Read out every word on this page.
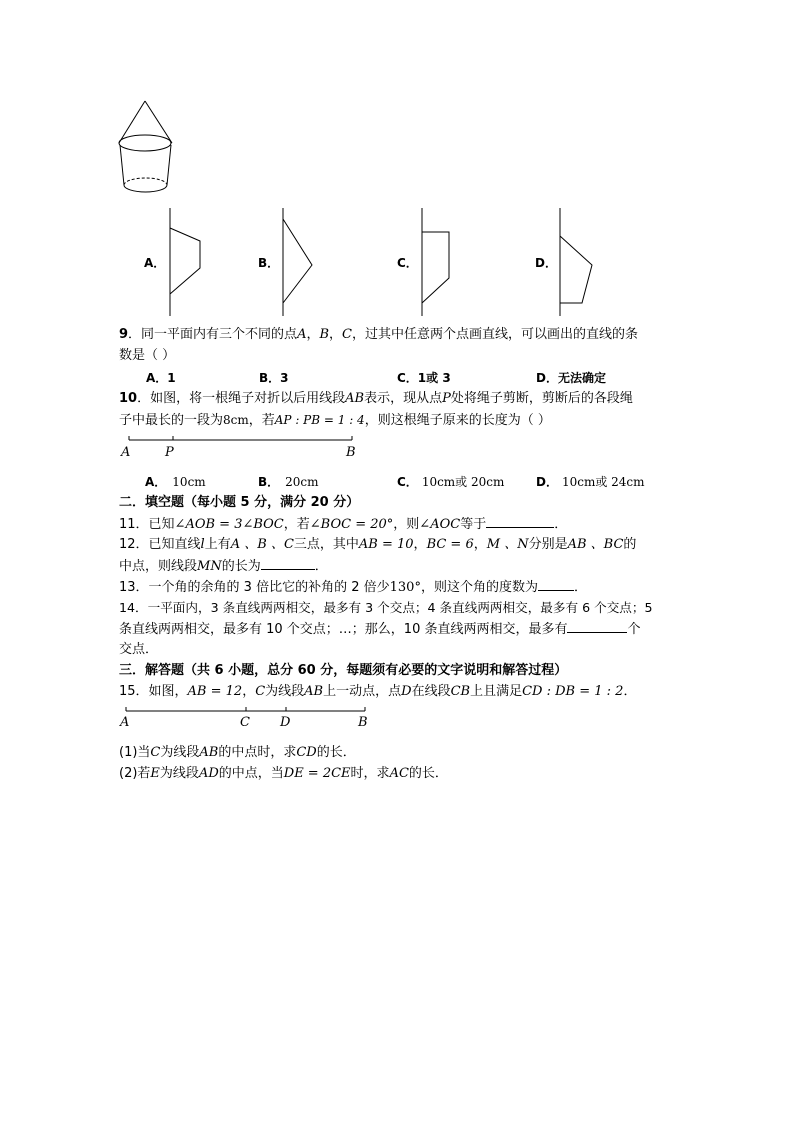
A．	B．	C．	D．
9．同一平面内有三个不同的点A，B，C，过其中任意两个点画直线，可以画出的直线的条
数是（ ）
A．1	B．3	C．1或 3	D．无法确定
10．如图，将一根绳子对折以后用线段AB表示，现从点P处将绳子剪断，剪断后的各段绳
子中最长的一段为8cm，若AP : PB = 1 : 4，则这根绳子原来的长度为（ ）
A	P	B
A． 10cm	B． 20cm	C． 10cm或 20cm	D． 10cm或 24cm
二．填空题（每小题 5 分，满分 20 分）
11．已知∠AOB = 3∠BOC，若∠BOC = 20°，则∠AOC等于	．
12．已知直线l上有A 、B 、C三点，其中AB = 10，BC = 6，M 、N分别是AB 、BC的
中点，则线段MN的长为	．
13．一个角的余角的 3 倍比它的补角的 2 倍少130°，则这个角的度数为	．
14．一平面内，3 条直线两两相交，最多有 3 个交点；4 条直线两两相交，最多有 6 个交点；5
条直线两两相交，最多有 10 个交点；…；那么，10 条直线两两相交，最多有	个
交点．
三．解答题（共 6 小题，总分 60 分，每题须有必要的文字说明和解答过程）
15．如图，AB = 12，C为线段AB上一动点，点D在线段CB上且满足CD : DB = 1 : 2．
A	C D	B
(1)当C为线段AB的中点时，求CD的长．
(2)若E为线段AD的中点，当DE = 2CE时，求AC的长．
